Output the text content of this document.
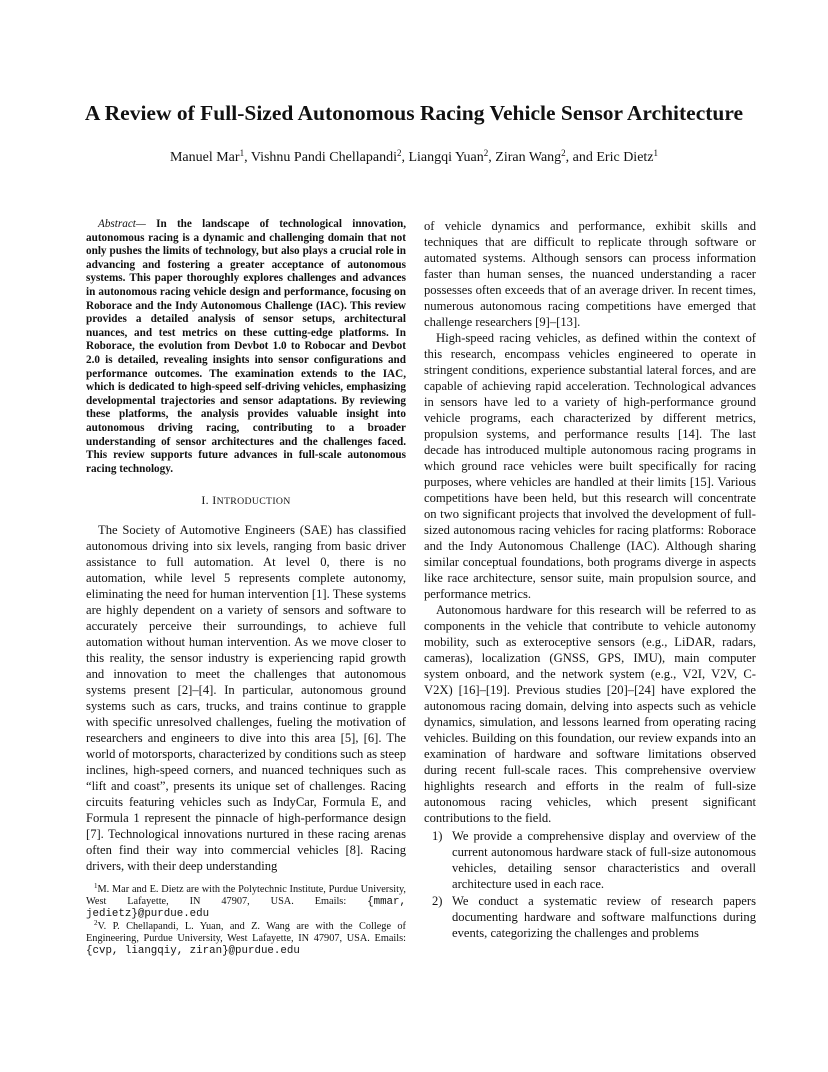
A Review of Full-Sized Autonomous Racing Vehicle Sensor Architecture

Manuel Mar$^1$, Vishnu Pandi Chellapandi$^2$, Liangqi Yuan$^2$, Ziran Wang$^2$, and Eric Dietz$^1$

Abstract— In the landscape of technological innovation, autonomous racing is a dynamic and challenging domain that not only pushes the limits of technology, but also plays a crucial role in advancing and fostering a greater acceptance of autonomous systems. This paper thoroughly explores challenges and advances in autonomous racing vehicle design and performance, focusing on Roborace and the Indy Autonomous Challenge (IAC). This review provides a detailed analysis of sensor setups, architectural nuances, and test metrics on these cutting-edge platforms. In Roborace, the evolution from Devbot 1.0 to Robocar and Devbot 2.0 is detailed, revealing insights into sensor configurations and performance outcomes. The examination extends to the IAC, which is dedicated to high-speed self-driving vehicles, emphasizing developmental trajectories and sensor adaptations. By reviewing these platforms, the analysis provides valuable insight into autonomous driving racing, contributing to a broader understanding of sensor architectures and the challenges faced. This review supports future advances in full-scale autonomous racing technology.

I. INTRODUCTION

The Society of Automotive Engineers (SAE) has classified autonomous driving into six levels, ranging from basic driver assistance to full automation. At level 0, there is no automation, while level 5 represents complete autonomy, eliminating the need for human intervention [1]. These systems are highly dependent on a variety of sensors and software to accurately perceive their surroundings, to achieve full automation without human intervention. As we move closer to this reality, the sensor industry is experiencing rapid growth and innovation to meet the challenges that autonomous systems present [2]–[4]. In particular, autonomous ground systems such as cars, trucks, and trains continue to grapple with specific unresolved challenges, fueling the motivation of researchers and engineers to dive into this area [5], [6]. The world of motorsports, characterized by conditions such as steep inclines, high-speed corners, and nuanced techniques such as “lift and coast”, presents its unique set of challenges. Racing circuits featuring vehicles such as IndyCar, Formula E, and Formula 1 represent the pinnacle of high-performance design [7]. Technological innovations nurtured in these racing arenas often find their way into commercial vehicles [8]. Racing drivers, with their deep understanding

of vehicle dynamics and performance, exhibit skills and techniques that are difficult to replicate through software or automated systems. Although sensors can process information faster than human senses, the nuanced understanding a racer possesses often exceeds that of an average driver. In recent times, numerous autonomous racing competitions have emerged that challenge researchers [9]–[13].

High-speed racing vehicles, as defined within the context of this research, encompass vehicles engineered to operate in stringent conditions, experience substantial lateral forces, and are capable of achieving rapid acceleration. Technological advances in sensors have led to a variety of high-performance ground vehicle programs, each characterized by different metrics, propulsion systems, and performance results [14]. The last decade has introduced multiple autonomous racing programs in which ground race vehicles were built specifically for racing purposes, where vehicles are handled at their limits [15]. Various competitions have been held, but this research will concentrate on two significant projects that involved the development of full-sized autonomous racing vehicles for racing platforms: Roborace and the Indy Autonomous Challenge (IAC). Although sharing similar conceptual foundations, both programs diverge in aspects like race architecture, sensor suite, main propulsion source, and performance metrics.

Autonomous hardware for this research will be referred to as components in the vehicle that contribute to vehicle autonomy mobility, such as exteroceptive sensors (e.g., LiDAR, radars, cameras), localization (GNSS, GPS, IMU), main computer system onboard, and the network system (e.g., V2I, V2V, C-V2X) [16]–[19]. Previous studies [20]–[24] have explored the autonomous racing domain, delving into aspects such as vehicle dynamics, simulation, and lessons learned from operating racing vehicles. Building on this foundation, our review expands into an examination of hardware and software limitations observed during recent full-scale races. This comprehensive overview highlights research and efforts in the realm of full-size autonomous racing vehicles, which present significant contributions to the field.

1) We provide a comprehensive display and overview of the current autonomous hardware stack of full-size autonomous vehicles, detailing sensor characteristics and overall architecture used in each race.
2) We conduct a systematic review of research papers documenting hardware and software malfunctions during events, categorizing the challenges and problems

$^1$M. Mar and E. Dietz are with the Polytechnic Institute, Purdue University, West Lafayette, IN 47907, USA. Emails: {mmar, jedietz}@purdue.edu

$^2$V. P. Chellapandi, L. Yuan, and Z. Wang are with the College of Engineering, Purdue University, West Lafayette, IN 47907, USA. Emails: {cvp, liangqiy, ziran}@purdue.edu
